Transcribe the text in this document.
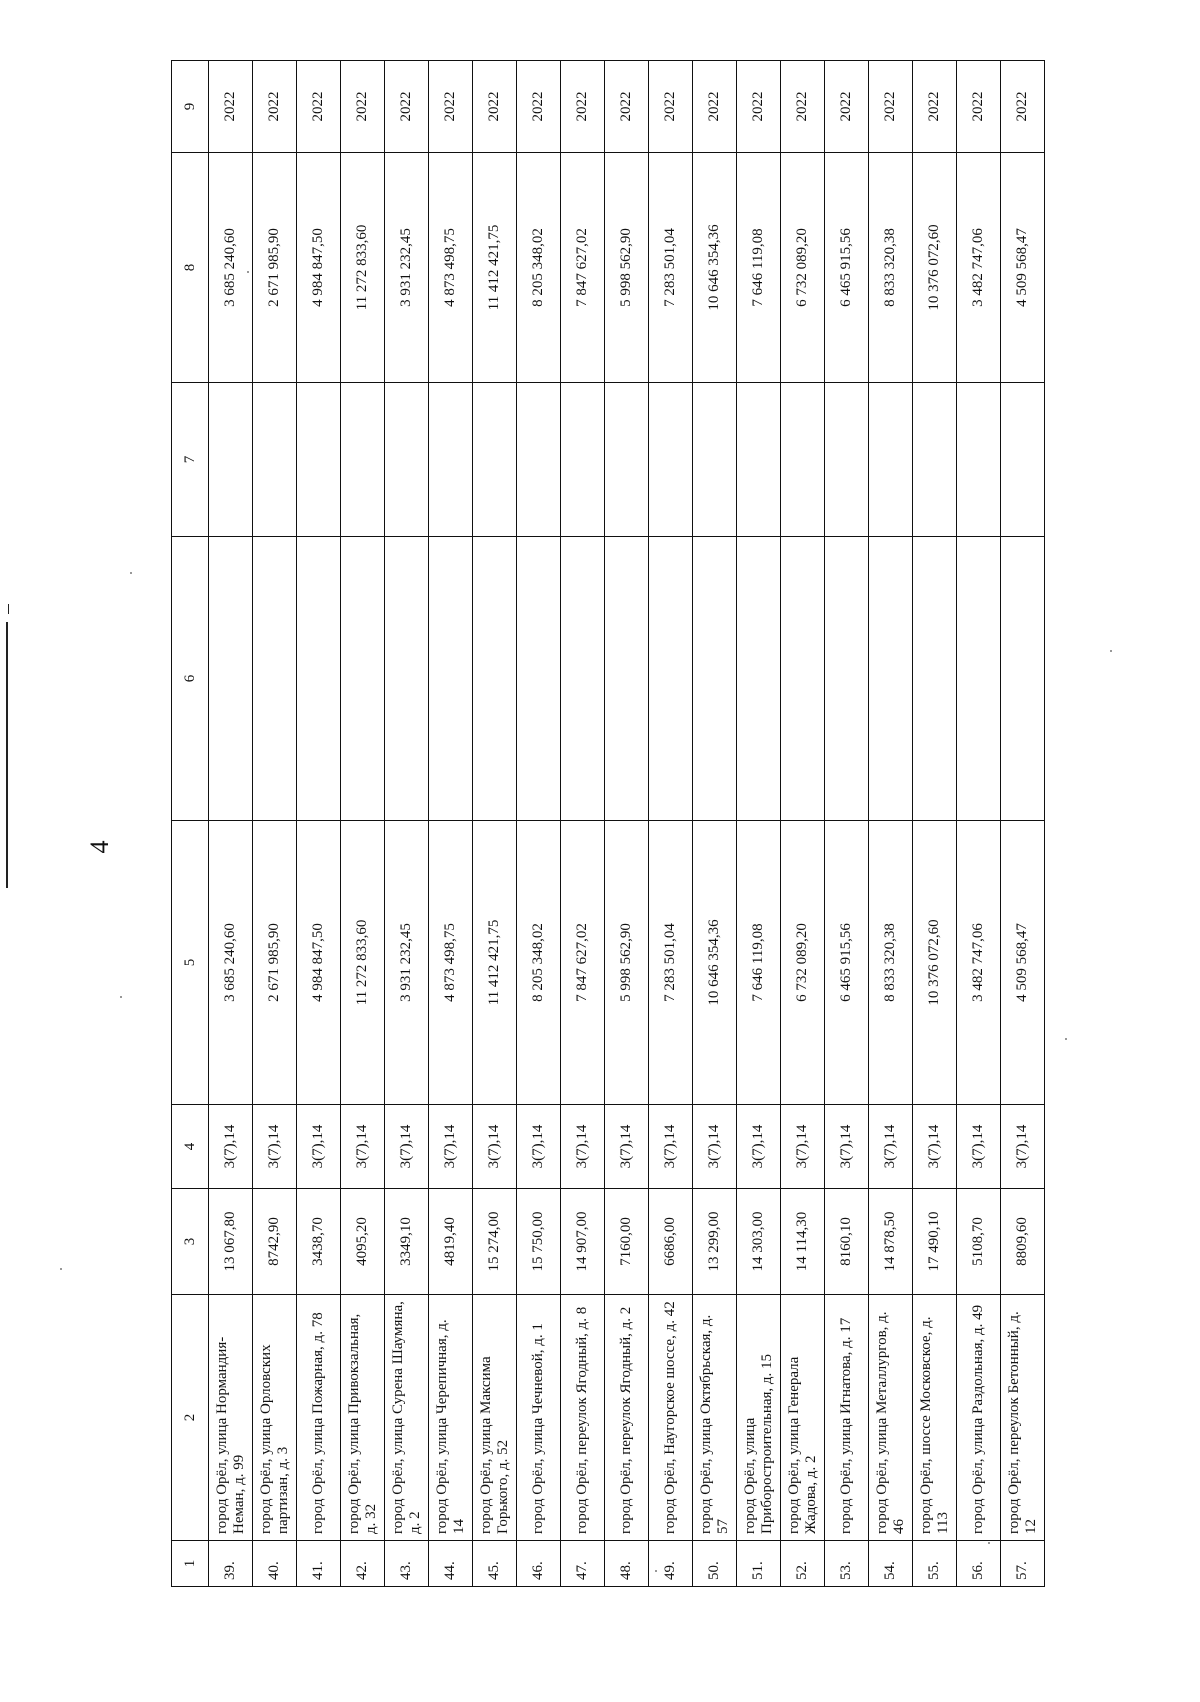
4
1	2	3	4	5	6	7	8	9
39.	город Орёл, улица Нормандия-Неман, д. 99	13 067,80	3(7),14	3 685 240,60			3 685 240,60	2022
40.	город Орёл, улица Орловских партизан, д. 3	8742,90	3(7),14	2 671 985,90			2 671 985,90	2022
41.	город Орёл, улица Пожарная, д. 78	3438,70	3(7),14	4 984 847,50			4 984 847,50	2022
42.	город Орёл, улица Привокзальная, д. 32	4095,20	3(7),14	11 272 833,60			11 272 833,60	2022
43.	город Орёл, улица Сурена Шаумяна, д. 2	3349,10	3(7),14	3 931 232,45			3 931 232,45	2022
44.	город Орёл, улица Черепичная, д. 14	4819,40	3(7),14	4 873 498,75			4 873 498,75	2022
45.	город Орёл, улица Максима Горького, д. 52	15 274,00	3(7),14	11 412 421,75			11 412 421,75	2022
46.	город Орёл, улица Чечневой, д. 1	15 750,00	3(7),14	8 205 348,02			8 205 348,02	2022
47.	город Орёл, переулок Ягодный, д. 8	14 907,00	3(7),14	7 847 627,02			7 847 627,02	2022
48.	город Орёл, переулок Ягодный, д. 2	7160,00	3(7),14	5 998 562,90			5 998 562,90	2022
49.	город Орёл, Наугорское шоссе, д. 42	6686,00	3(7),14	7 283 501,04			7 283 501,04	2022
50.	город Орёл, улица Октябрьская, д. 57	13 299,00	3(7),14	10 646 354,36			10 646 354,36	2022
51.	город Орёл, улица Приборостроительная, д. 15	14 303,00	3(7),14	7 646 119,08			7 646 119,08	2022
52.	город Орёл, улица Генерала Жадова, д. 2	14 114,30	3(7),14	6 732 089,20			6 732 089,20	2022
53.	город Орёл, улица Игнатова, д. 17	8160,10	3(7),14	6 465 915,56			6 465 915,56	2022
54.	город Орёл, улица Металлургов, д. 46	14 878,50	3(7),14	8 833 320,38			8 833 320,38	2022
55.	город Орёл, шоссе Московское, д. 113	17 490,10	3(7),14	10 376 072,60			10 376 072,60	2022
56.	город Орёл, улица Раздольная, д. 49	5108,70	3(7),14	3 482 747,06			3 482 747,06	2022
57.	город Орёл, переулок Бетонный, д. 12	8809,60	3(7),14	4 509 568,47			4 509 568,47	2022
